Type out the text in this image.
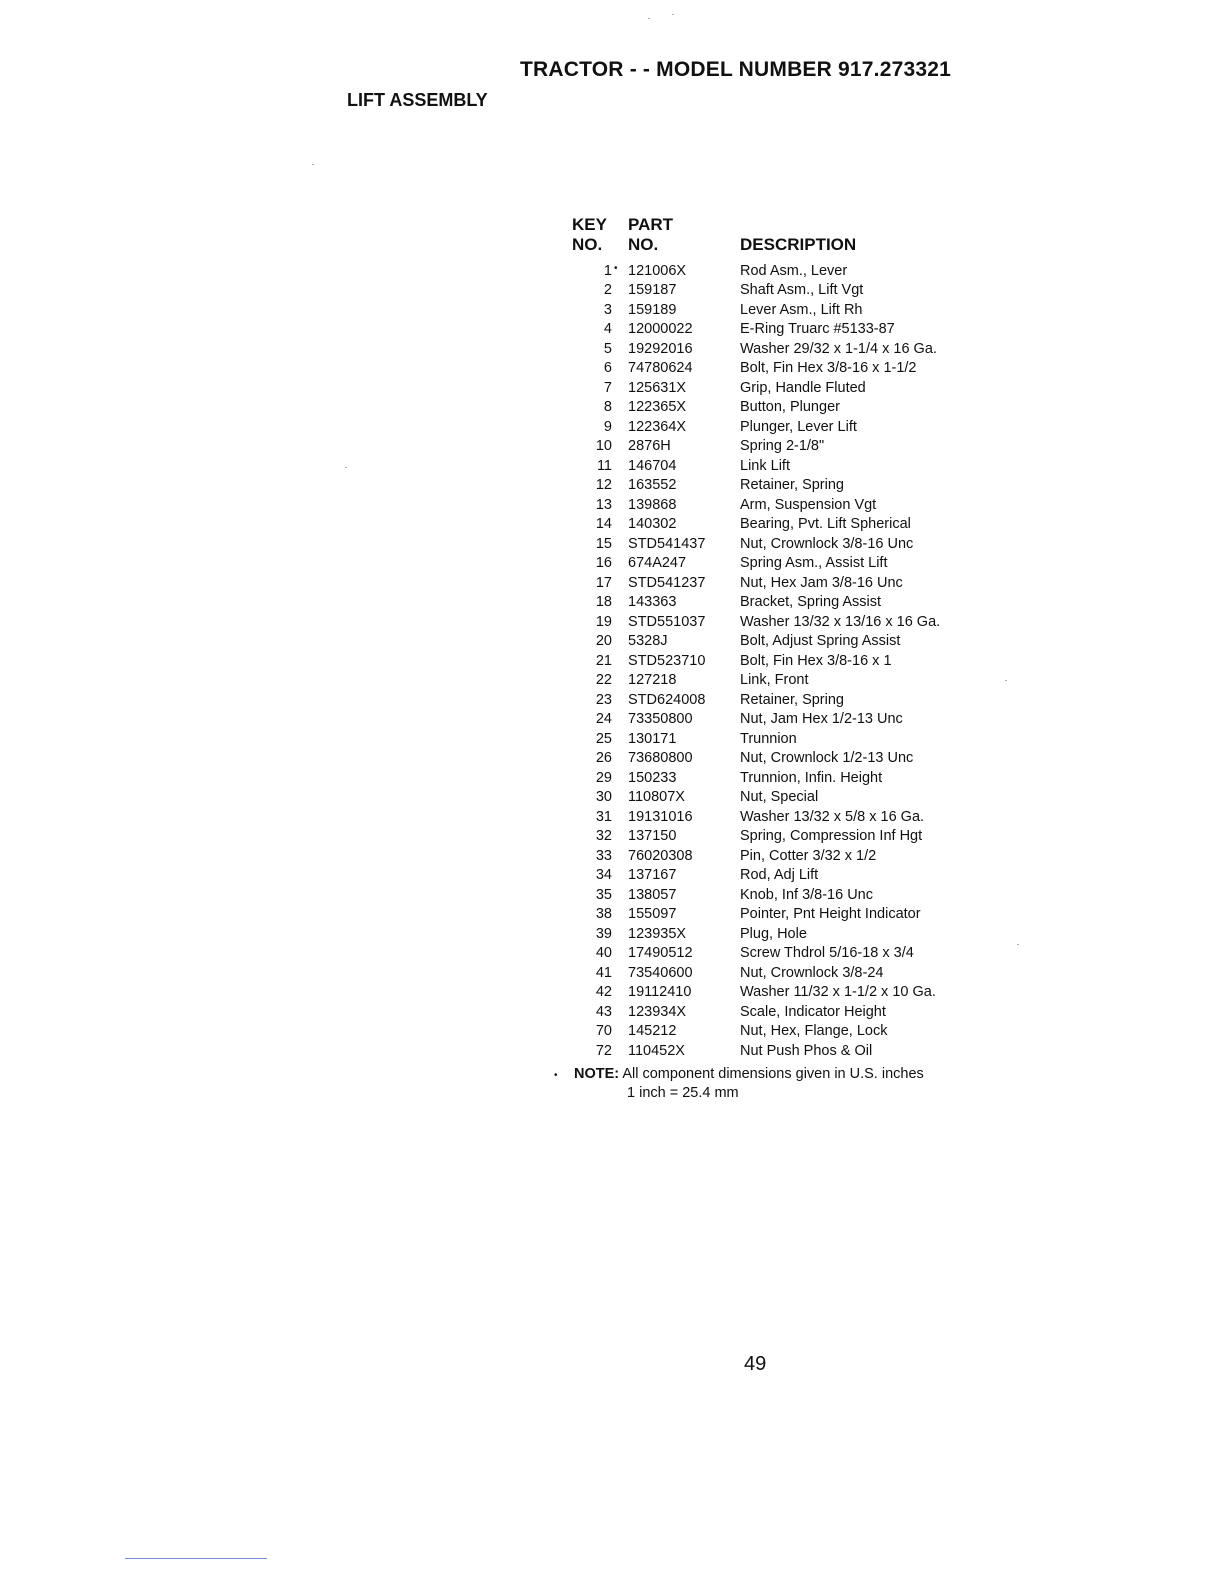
TRACTOR - - MODEL NUMBER 917.273321
LIFT ASSEMBLY
KEY PART
NO. NO.	DESCRIPTION
1 • 121006X	Rod Asm., Lever
2 159187	Shaft Asm., Lift Vgt
3 159189	Lever Asm., Lift Rh
4 12000022	E-Ring Truarc #5133-87
5 19292016	Washer 29/32 x 1-1/4 x 16 Ga.
6 74780624	Bolt, Fin Hex 3/8-16 x 1-1/2
7 125631X	Grip, Handle Fluted
8 122365X	Button, Plunger
9 122364X	Plunger, Lever Lift
10 2876H	Spring 2-1/8"
11 146704	Link Lift
12 163552	Retainer, Spring
13 139868	Arm, Suspension Vgt
14 140302	Bearing, Pvt. Lift Spherical
15 STD541437	Nut, Crownlock 3/8-16 Unc
16 674A247	Spring Asm., Assist Lift
17 STD541237	Nut, Hex Jam 3/8-16 Unc
18 143363	Bracket, Spring Assist
19 STD551037	Washer 13/32 x 13/16 x 16 Ga.
20 5328J	Bolt, Adjust Spring Assist
21 STD523710	Bolt, Fin Hex 3/8-16 x 1
22 127218	Link, Front
23 STD624008	Retainer, Spring
24 73350800	Nut, Jam Hex 1/2-13 Unc
25 130171	Trunnion
26 73680800	Nut, Crownlock 1/2-13 Unc
29 150233	Trunnion, Infin. Height
30 110807X	Nut, Special
31 19131016	Washer 13/32 x 5/8 x 16 Ga.
32 137150	Spring, Compression Inf Hgt
33 76020308	Pin, Cotter 3/32 x 1/2
34 137167	Rod, Adj Lift
35 138057	Knob, Inf 3/8-16 Unc
38 155097	Pointer, Pnt Height Indicator
39 123935X	Plug, Hole
40 17490512	Screw Thdrol 5/16-18 x 3/4
41 73540600	Nut, Crownlock 3/8-24
42 19112410	Washer 11/32 x 1-1/2 x 10 Ga.
43 123934X	Scale, Indicator Height
70 145212	Nut, Hex, Flange, Lock
72 110452X	Nut Push Phos & Oil
• NOTE: All component dimensions given in U.S. inches
1 inch = 25.4 mm
49
